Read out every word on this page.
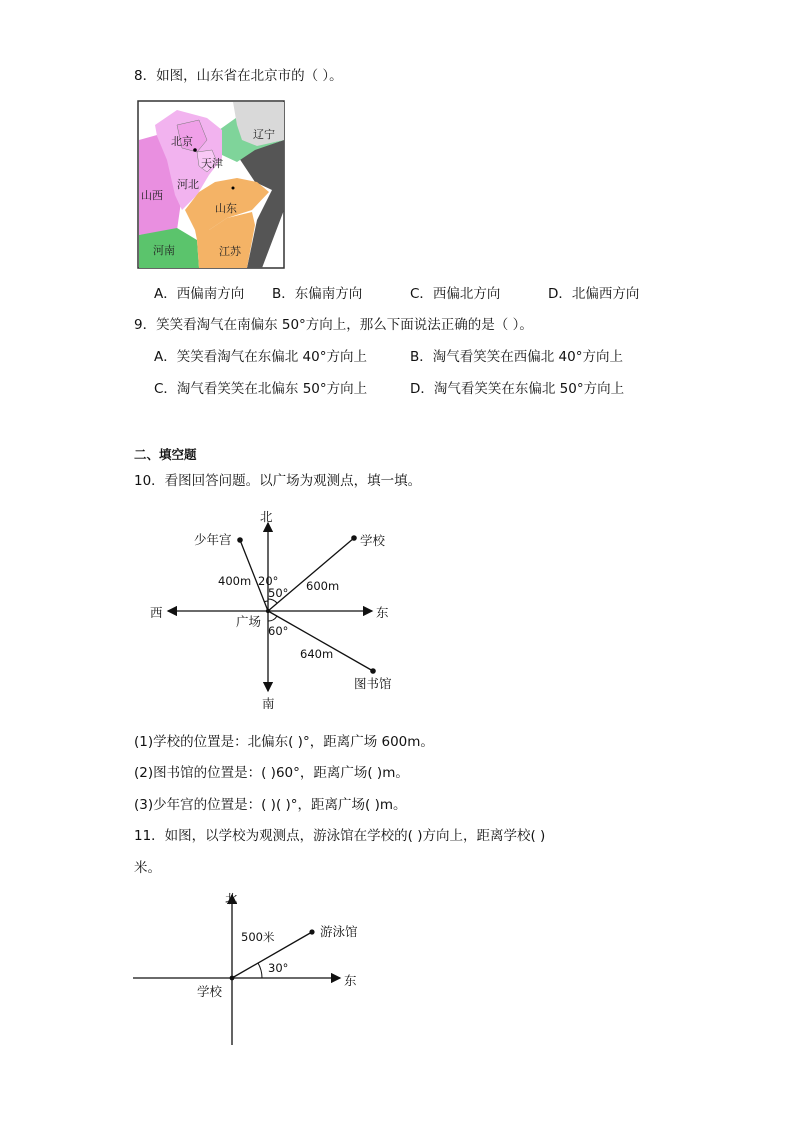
8．如图，山东省在北京市的（ ）。
北京
天津
辽宁
河北
山西
山东
河南	江苏
A．西偏南方向 B．东偏南方向	C．西偏北方向	D．北偏西方向
9．笑笑看淘气在南偏东 50°方向上，那么下面说法正确的是（ ）。
A．笑笑看淘气在东偏北 40°方向上	B．淘气看笑笑在西偏北 40°方向上
C．淘气看笑笑在北偏东 50°方向上	D．淘气看笑笑在东偏北 50°方向上
二、填空题
10．看图回答问题。以广场为观测点，填一填。
北
南
东
西
广场
少年宫	学校
图书馆
400m	600m
640m
20°
50°
60°
(1)学校的位置是：北偏东( )°，距离广场 600m。
(2)图书馆的位置是：( )60°，距离广场( )m。
(3)少年宫的位置是：( )( )°，距离广场( )m。
11．如图，以学校为观测点，游泳馆在学校的( )方向上，距离学校( )
米。
北
东
学校
游泳馆
500米
30°
